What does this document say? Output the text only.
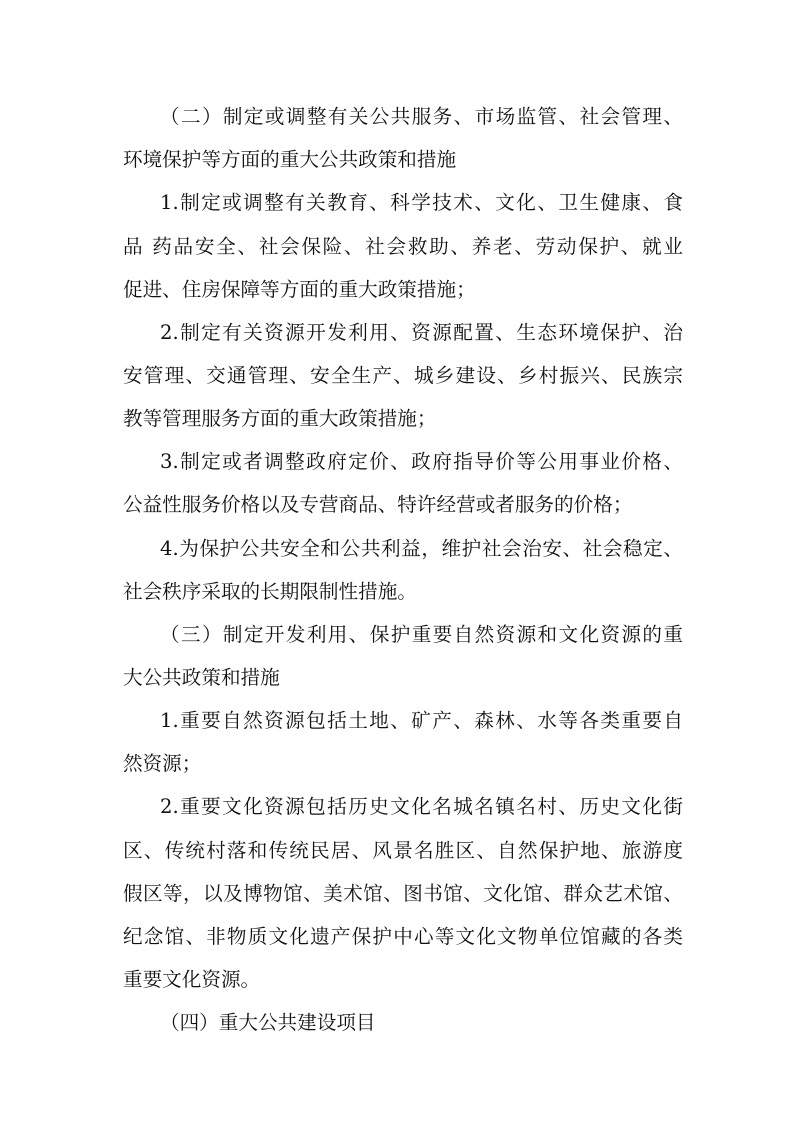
（二）制定或调整有关公共服务、市场监管、社会管理、
环境保护等方面的重大公共政策和措施
1.制定或调整有关教育、科学技术、文化、卫生健康、食
品 药品安全、社会保险、社会救助、养老、劳动保护、就业
促进、住房保障等方面的重大政策措施；
2.制定有关资源开发利用、资源配置、生态环境保护、治
安管理、交通管理、安全生产、城乡建设、乡村振兴、民族宗
教等管理服务方面的重大政策措施；
3.制定或者调整政府定价、政府指导价等公用事业价格、
公益性服务价格以及专营商品、特许经营或者服务的价格；
4.为保护公共安全和公共利益，维护社会治安、社会稳定、
社会秩序采取的长期限制性措施。
（三）制定开发利用、保护重要自然资源和文化资源的重
大公共政策和措施
1.重要自然资源包括土地、矿产、森林、水等各类重要自
然资源；
2.重要文化资源包括历史文化名城名镇名村、历史文化街
区、传统村落和传统民居、风景名胜区、自然保护地、旅游度
假区等，以及博物馆、美术馆、图书馆、文化馆、群众艺术馆、
纪念馆、非物质文化遗产保护中心等文化文物单位馆藏的各类
重要文化资源。
（四）重大公共建设项目
